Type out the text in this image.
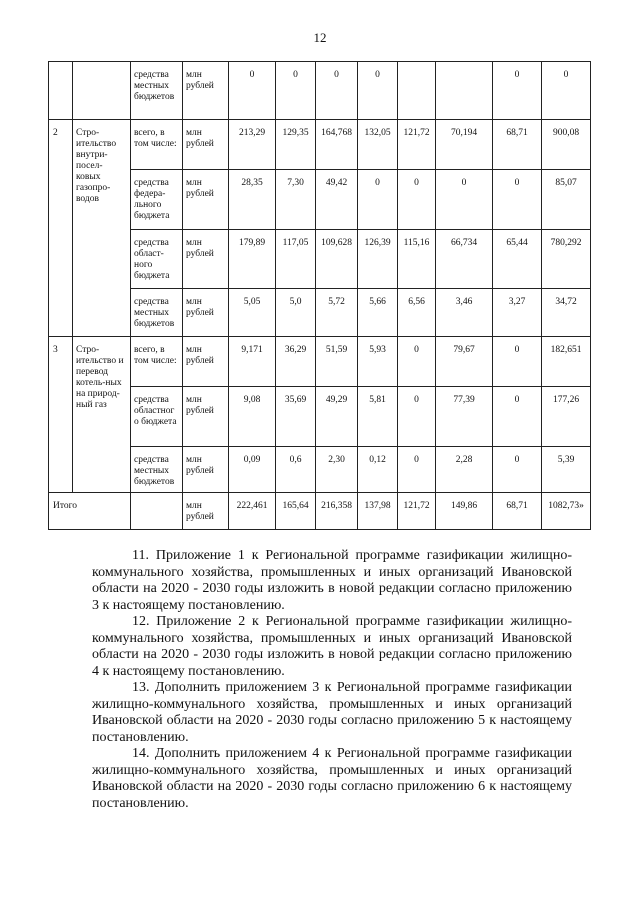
12
		средства местных бюджетов	млн рублей	0	0	0	0			0	0
2	Стро-ительство внутри-посел-ковых газопро-водов	всего, в том числе:	млн рублей	213,29	129,35	164,768	132,05	121,72	70,194	68,71	900,08
		средства федера-льного бюджета	млн рублей	28,35	7,30	49,42	0	0	0	0	85,07
		средства област-ного бюджета	млн рублей	179,89	117,05	109,628	126,39	115,16	66,734	65,44	780,292
		средства местных бюджетов	млн рублей	5,05	5,0	5,72	5,66	6,56	3,46	3,27	34,72
3	Стро-ительство и перевод котель-ных на природ-ный газ	всего, в том числе:	млн рублей	9,171	36,29	51,59	5,93	0	79,67	0	182,651
		средства областног о бюджета	млн рублей	9,08	35,69	49,29	5,81	0	77,39	0	177,26
		средства местных бюджетов	млн рублей	0,09	0,6	2,30	0,12	0	2,28	0	5,39
Итого			млн рублей	222,461	165,64	216,358	137,98	121,72	149,86	68,71	1082,73»

11. Приложение 1 к Региональной программе газификации жилищно-коммунального хозяйства, промышленных и иных организаций Ивановской области на 2020 - 2030 годы изложить в новой редакции согласно приложению 3 к настоящему постановлению.

12. Приложение 2 к Региональной программе газификации жилищно-коммунального хозяйства, промышленных и иных организаций Ивановской области на 2020 - 2030 годы изложить в новой редакции согласно приложению 4 к настоящему постановлению.

13. Дополнить приложением 3 к Региональной программе газификации жилищно-коммунального хозяйства, промышленных и иных организаций Ивановской области на 2020 - 2030 годы согласно приложению 5 к настоящему постановлению.

14. Дополнить приложением 4 к Региональной программе газификации жилищно-коммунального хозяйства, промышленных и иных организаций Ивановской области на 2020 - 2030 годы согласно приложению 6 к настоящему постановлению.
